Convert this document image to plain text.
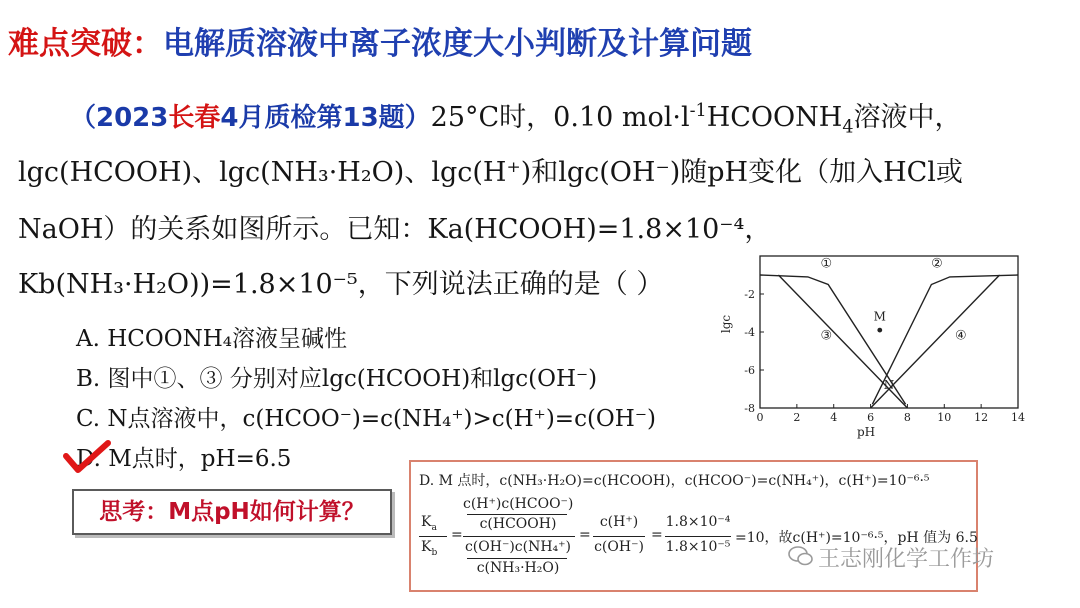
难点突破：电解质溶液中离子浓度大小判断及计算问题
（2023长春4月质检第13题）25°C时，0.10 $mol\cdot l^{-1}HCOONH_4$溶液中，
lgc(HCOOH)、lgc(NH₃·H₂O)、lgc(H⁺)和lgc(OH⁻)随pH变化（加入HCl或
NaOH）的关系如图所示。已知：Ka(HCOOH)=1.8×10⁻⁴，
Kb(NH₃·H₂O))=1.8×10⁻⁵，下列说法正确的是（ ）
A. HCOONH₄溶液呈碱性
B. 图中①、③ 分别对应lgc(HCOOH)和lgc(OH⁻)
C. N点溶液中，c(HCOO⁻)=c(NH₄⁺)>c(H⁺)=c(OH⁻)
D. M点时，pH=6.5
思考：M点pH如何计算？
0	2	4	6	8 10 12 14
-2
-4
-6
-8
pH
lgc
①	②
③	④
M
N
D. M 点时，c(NH₃·H₂O)=c(HCOOH)，c(HCOO⁻)=c(NH₄⁺)，c(H⁺)=10⁻⁶·⁵
$K_a$
$K_b$
=
c(H⁺)c(HCOO⁻)
c(HCOOH)
c(OH⁻)c(NH₄⁺)
c(NH₃·H₂O)
=
c(H⁺)
c(OH⁻)
=
1.8×10⁻⁴
1.8×10⁻⁵
=10，故c(H⁺)=10⁻⁶·⁵，pH 值为 6.5
王志刚化学工作坊
